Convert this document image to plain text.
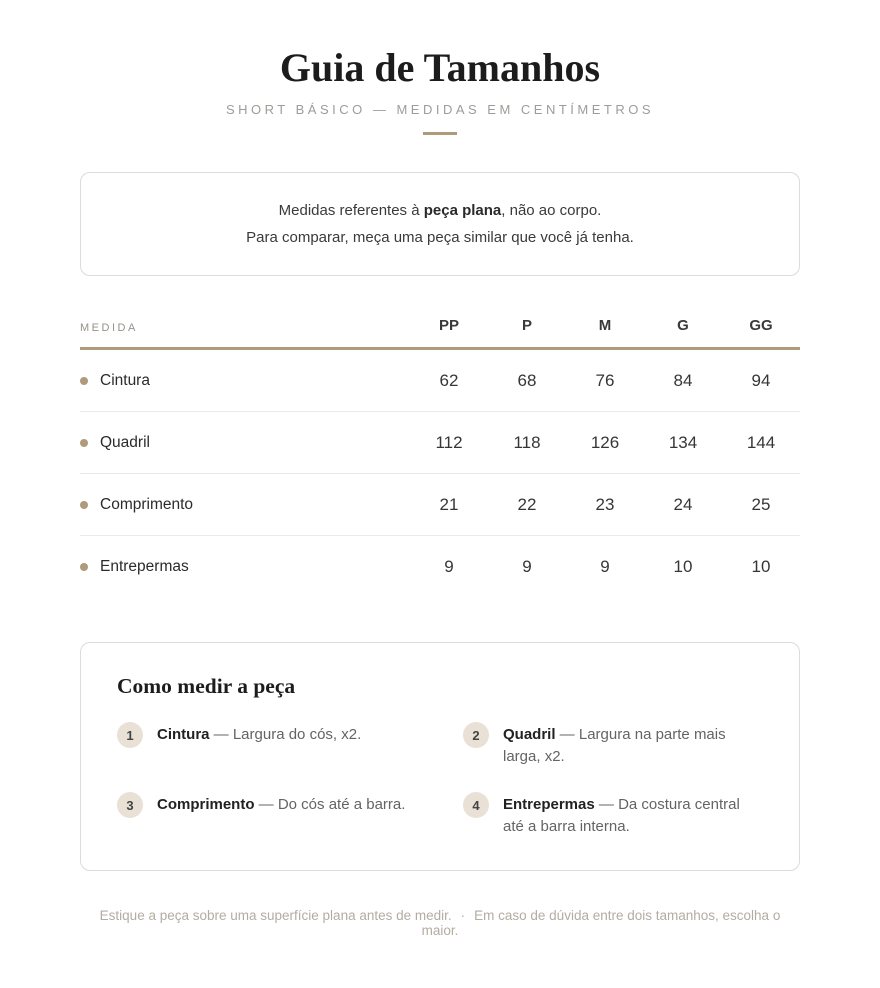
Guia de Tamanhos
SHORT BÁSICO — MEDIDAS EM CENTÍMETROS

Medidas referentes à peça plana, não ao corpo.

Para comparar, meça uma peça similar que você já tenha.

MEDIDA	PP	P	M	G	GG
Cintura	62	68	76	84	94
Quadril	112	118	126	134	144
Comprimento	21	22	23	24	25
Entrepermas	9	9	9	10	10
Como medir a peça
1	Cintura — Largura do cós, x2.	2	Quadril — Largura na parte mais larga, x2.
3	Comprimento — Do cós até a barra.	4	Entrepermas — Da costura central até a barra interna.
Estique a peça sobre uma superfície plana antes de medir. · Em caso de dúvida entre dois tamanhos, escolha o maior.
